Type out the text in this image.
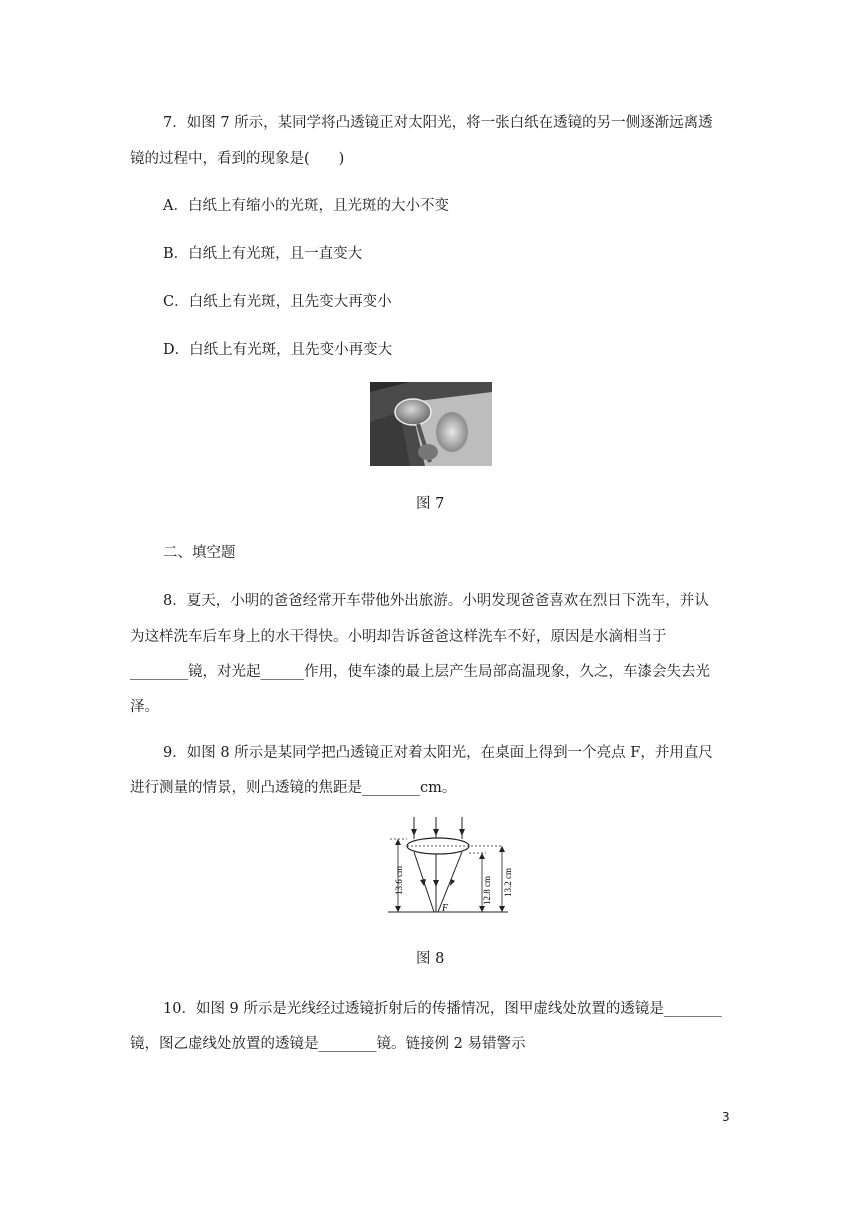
7．如图 7 所示，某同学将凸透镜正对太阳光，将一张白纸在透镜的另一侧逐渐远离透
镜的过程中，看到的现象是(　　)
A．白纸上有缩小的光斑，且光斑的大小不变
B．白纸上有光斑，且一直变大
C．白纸上有光斑，且先变大再变小
D．白纸上有光斑，且先变小再变大
图 7
二、填空题
8．夏天，小明的爸爸经常开车带他外出旅游。小明发现爸爸喜欢在烈日下洗车，并认
为这样洗车后车身上的水干得快。小明却告诉爸爸这样洗车不好，原因是水滴相当于
________镜，对光起______作用，使车漆的最上层产生局部高温现象，久之，车漆会失去光
泽。
9．如图 8 所示是某同学把凸透镜正对着太阳光，在桌面上得到一个亮点 F，并用直尺
进行测量的情景，则凸透镜的焦距是________cm。
13.6 cm	12.8 cm 13.2 cm
F
图 8
10．如图 9 所示是光线经过透镜折射后的传播情况，图甲虚线处放置的透镜是________
镜，图乙虚线处放置的透镜是________镜。链接例 2 易错警示
3
